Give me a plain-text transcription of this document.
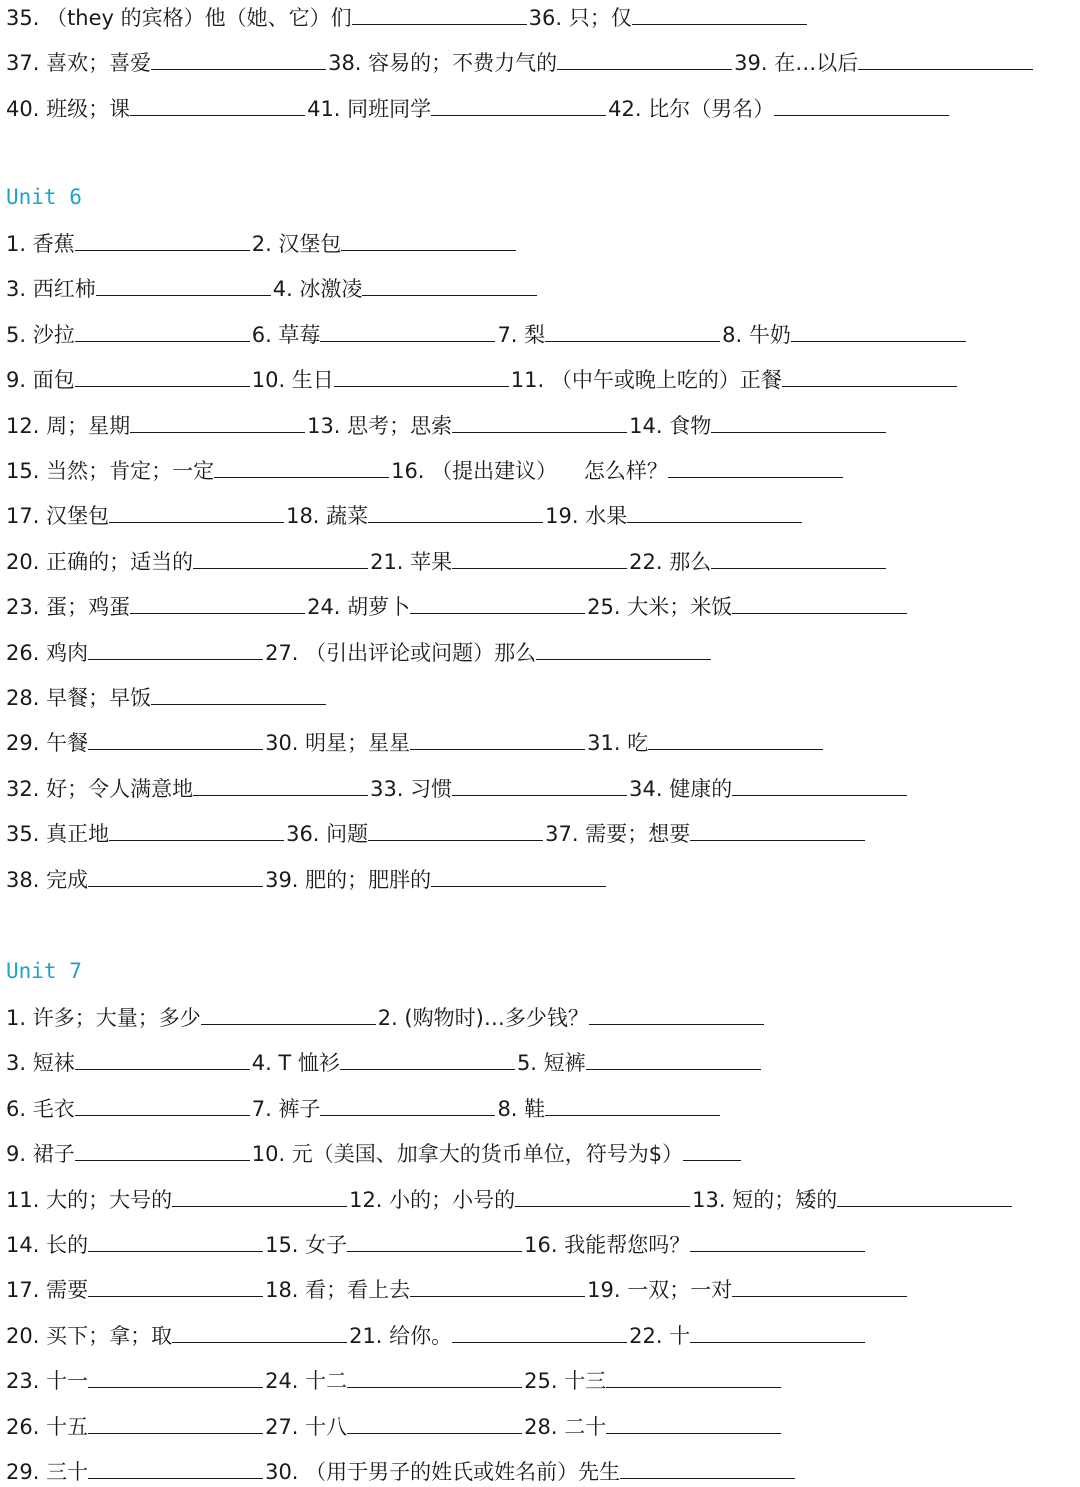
35. （they 的宾格）他（她、它）们	36. 只；仅
37. 喜欢；喜爱	38. 容易的；不费力气的	39. 在…以后
40. 班级；课	41. 同班同学	42. 比尔（男名）
Unit 6
1. 香蕉	2. 汉堡包
3. 西红柿	4. 冰激凌
5. 沙拉	6. 草莓	7. 梨	8. 牛奶
9. 面包	10. 生日	11. （中午或晚上吃的）正餐
12. 周；星期	13. 思考；思索	14. 食物
15. 当然；肯定；一定	16. （提出建议）    怎么样？
17. 汉堡包	18. 蔬菜	19. 水果
20. 正确的；适当的	21. 苹果	22. 那么
23. 蛋；鸡蛋	24. 胡萝卜	25. 大米；米饭
26. 鸡肉	27. （引出评论或问题）那么
28. 早餐；早饭
29. 午餐	30. 明星；星星	31. 吃
32. 好；令人满意地	33. 习惯	34. 健康的
35. 真正地	36. 问题	37. 需要；想要
38. 完成	39. 肥的；肥胖的
Unit 7
1. 许多；大量；多少	2. (购物时)…多少钱？
3. 短袜	4. T 恤衫	5. 短裤
6. 毛衣	7. 裤子	8. 鞋
9. 裙子	10. 元（美国、加拿大的货币单位，符号为$）
11. 大的；大号的	12. 小的；小号的	13. 短的；矮的
14. 长的	15. 女子	16. 我能帮您吗？
17. 需要	18. 看；看上去	19. 一双；一对
20. 买下；拿；取	21. 给你。	22. 十
23. 十一	24. 十二	25. 十三
26. 十五	27. 十八	28. 二十
29. 三十	30. （用于男子的姓氏或姓名前）先生
